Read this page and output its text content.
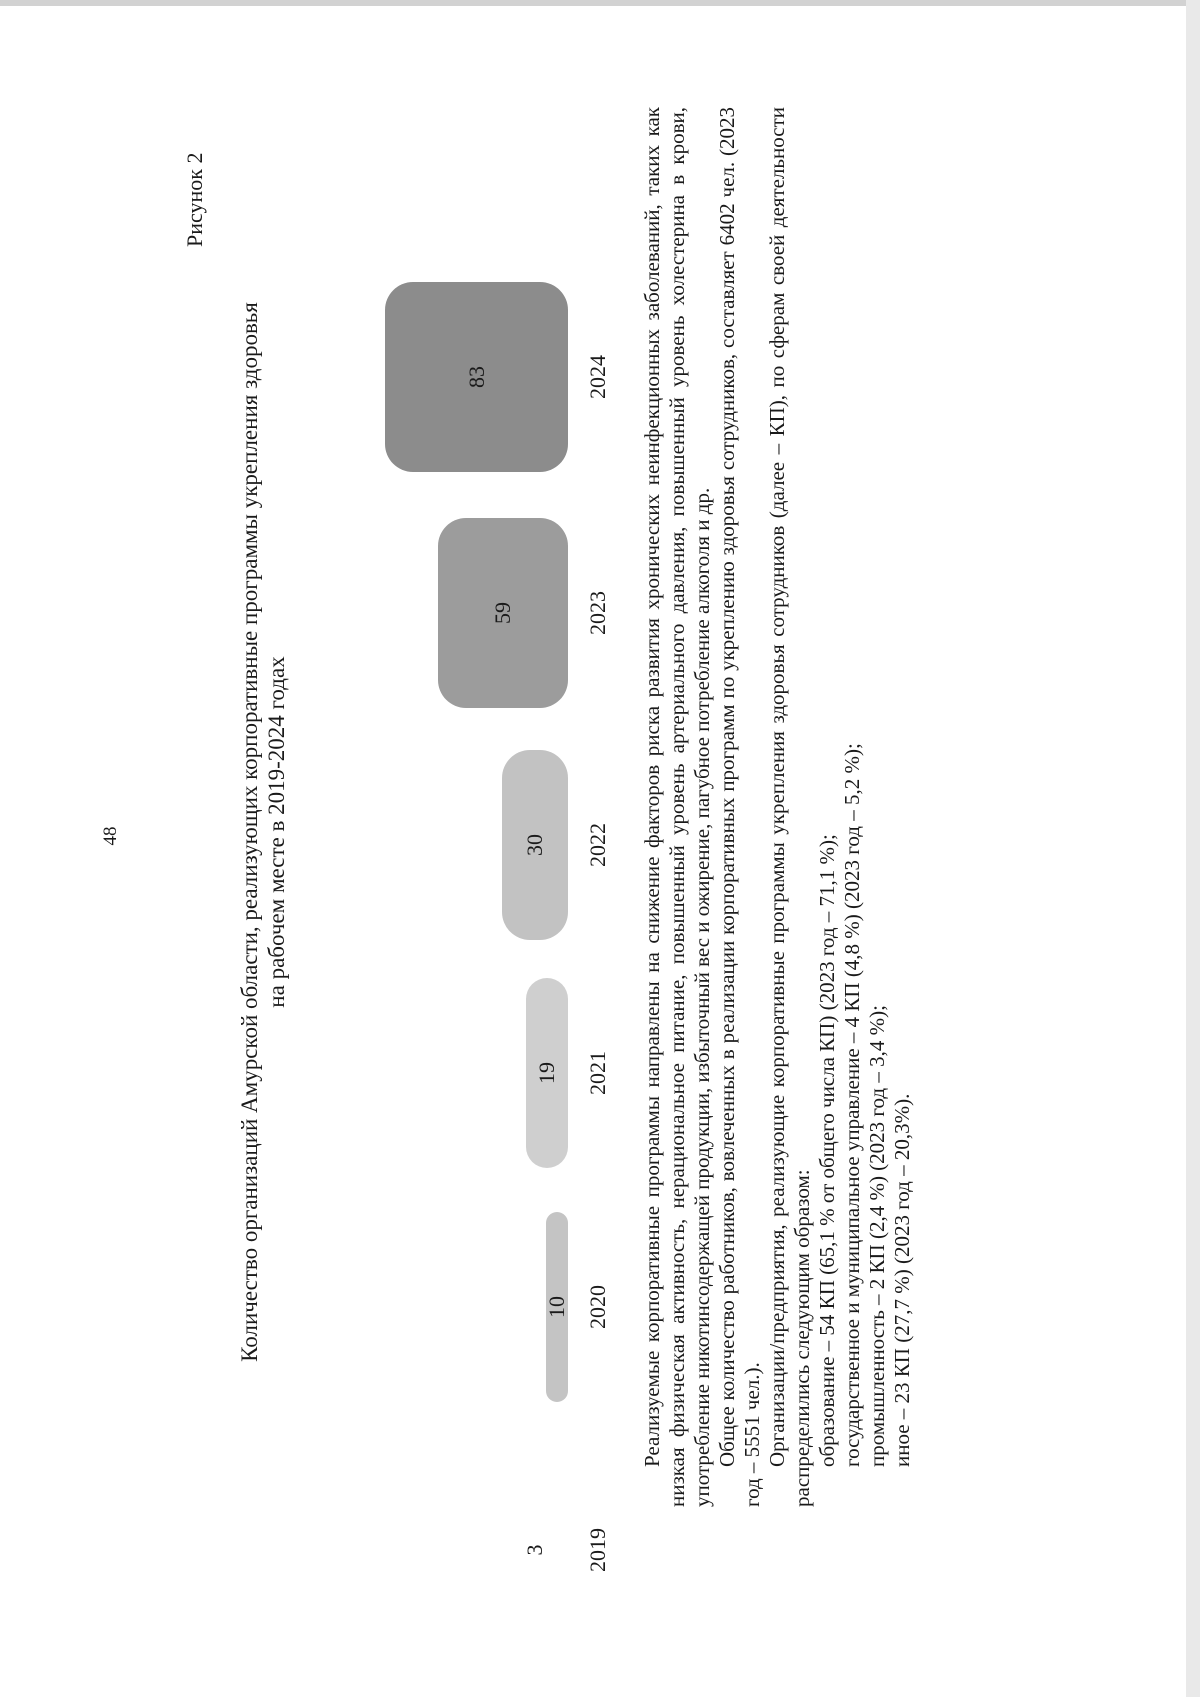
48
Рисунок 2
Количество организаций Амурской области, реализующих корпоративные программы укрепления здоровья на рабочем месте в 2019-2024 годах
3 2019
10 2020
19 2021
30 2022
59	2023
83	2024 Реализуемые корпоративные программы направлены на снижение факторов риска развития хронических неинфекционных заболеваний, таких как низкая физическая активность, нерациональное питание, повышенный уровень артериального давления, повышенный уровень холестерина в крови, употребление никотинсодержащей продукции, избыточный вес и ожирение, пагубное потребление алкоголя и др. Общее количество работников, вовлеченных в реализации корпоративных программ по укреплению здоровья сотрудников, составляет 6402 чел. (2023 год – 5551 чел.). Организации/предприятия, реализующие корпоративные программы укрепления здоровья сотрудников (далее – КП), по сферам своей деятельности распределились следующим образом: образование – 54 КП (65,1 % от общего числа КП) (2023 год – 71,1 %); государственное и муниципальное управление – 4 КП (4,8 %) (2023 год – 5,2 %); промышленность – 2 КП (2,4 %) (2023 год – 3,4 %); иное – 23 КП (27,7 %) (2023 год – 20,3%).
